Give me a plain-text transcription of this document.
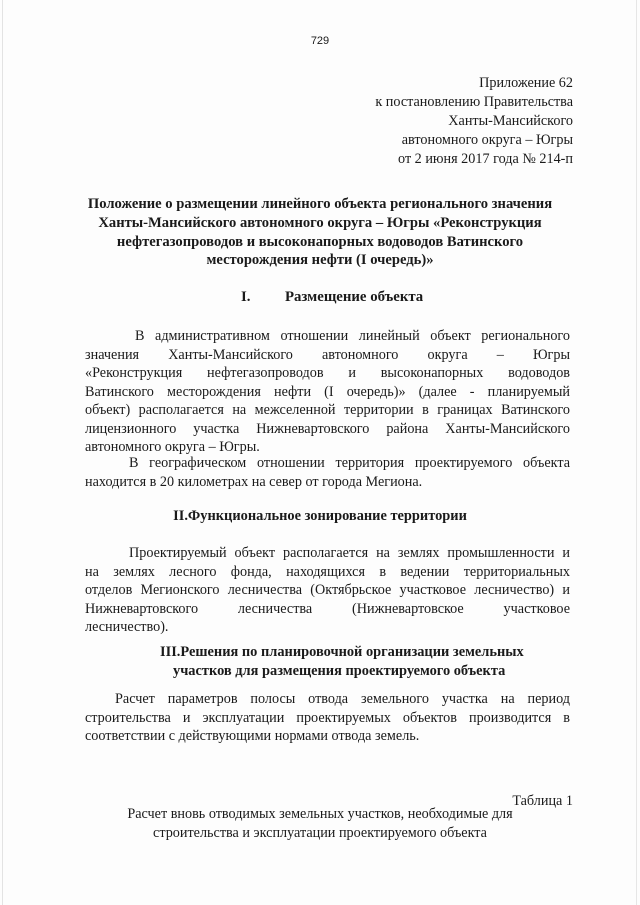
729
Приложение 62
к постановлению Правительства
Ханты-Мансийского
автономного округа – Югры
от 2 июня 2017 года № 214-п
Положение о размещении линейного объекта регионального значения
Ханты-Мансийского автономного округа – Югры «Реконструкция
нефтегазопроводов и высоконапорных водоводов Ватинского
месторождения нефти (I очередь)»
I. Размещение объекта
В административном отношении линейный объект регионального
значения Ханты-Мансийского автономного округа – Югры
«Реконструкция нефтегазопроводов и высоконапорных водоводов
Ватинского месторождения нефти (I очередь)» (далее - планируемый
объект) располагается на межселенной территории в границах Ватинского
лицензионного участка Нижневартовского района Ханты-Мансийского
автономного округа – Югры.
В географическом отношении территория проектируемого объекта
находится в 20 километрах на север от города Мегиона.
II.Функциональное зонирование территории
Проектируемый объект располагается на землях промышленности и
на землях лесного фонда, находящихся в ведении территориальных
отделов Мегионского лесничества (Октябрьское участковое лесничество) и
Нижневартовского лесничества (Нижневартовское участковое
лесничество).
III.Решения по планировочной организации земельных
участков для размещения проектируемого объекта
Расчет параметров полосы отвода земельного участка на период
строительства и эксплуатации проектируемых объектов производится в
соответствии с действующими нормами отвода земель.
Таблица 1
Расчет вновь отводимых земельных участков, необходимые для
строительства и эксплуатации проектируемого объекта
